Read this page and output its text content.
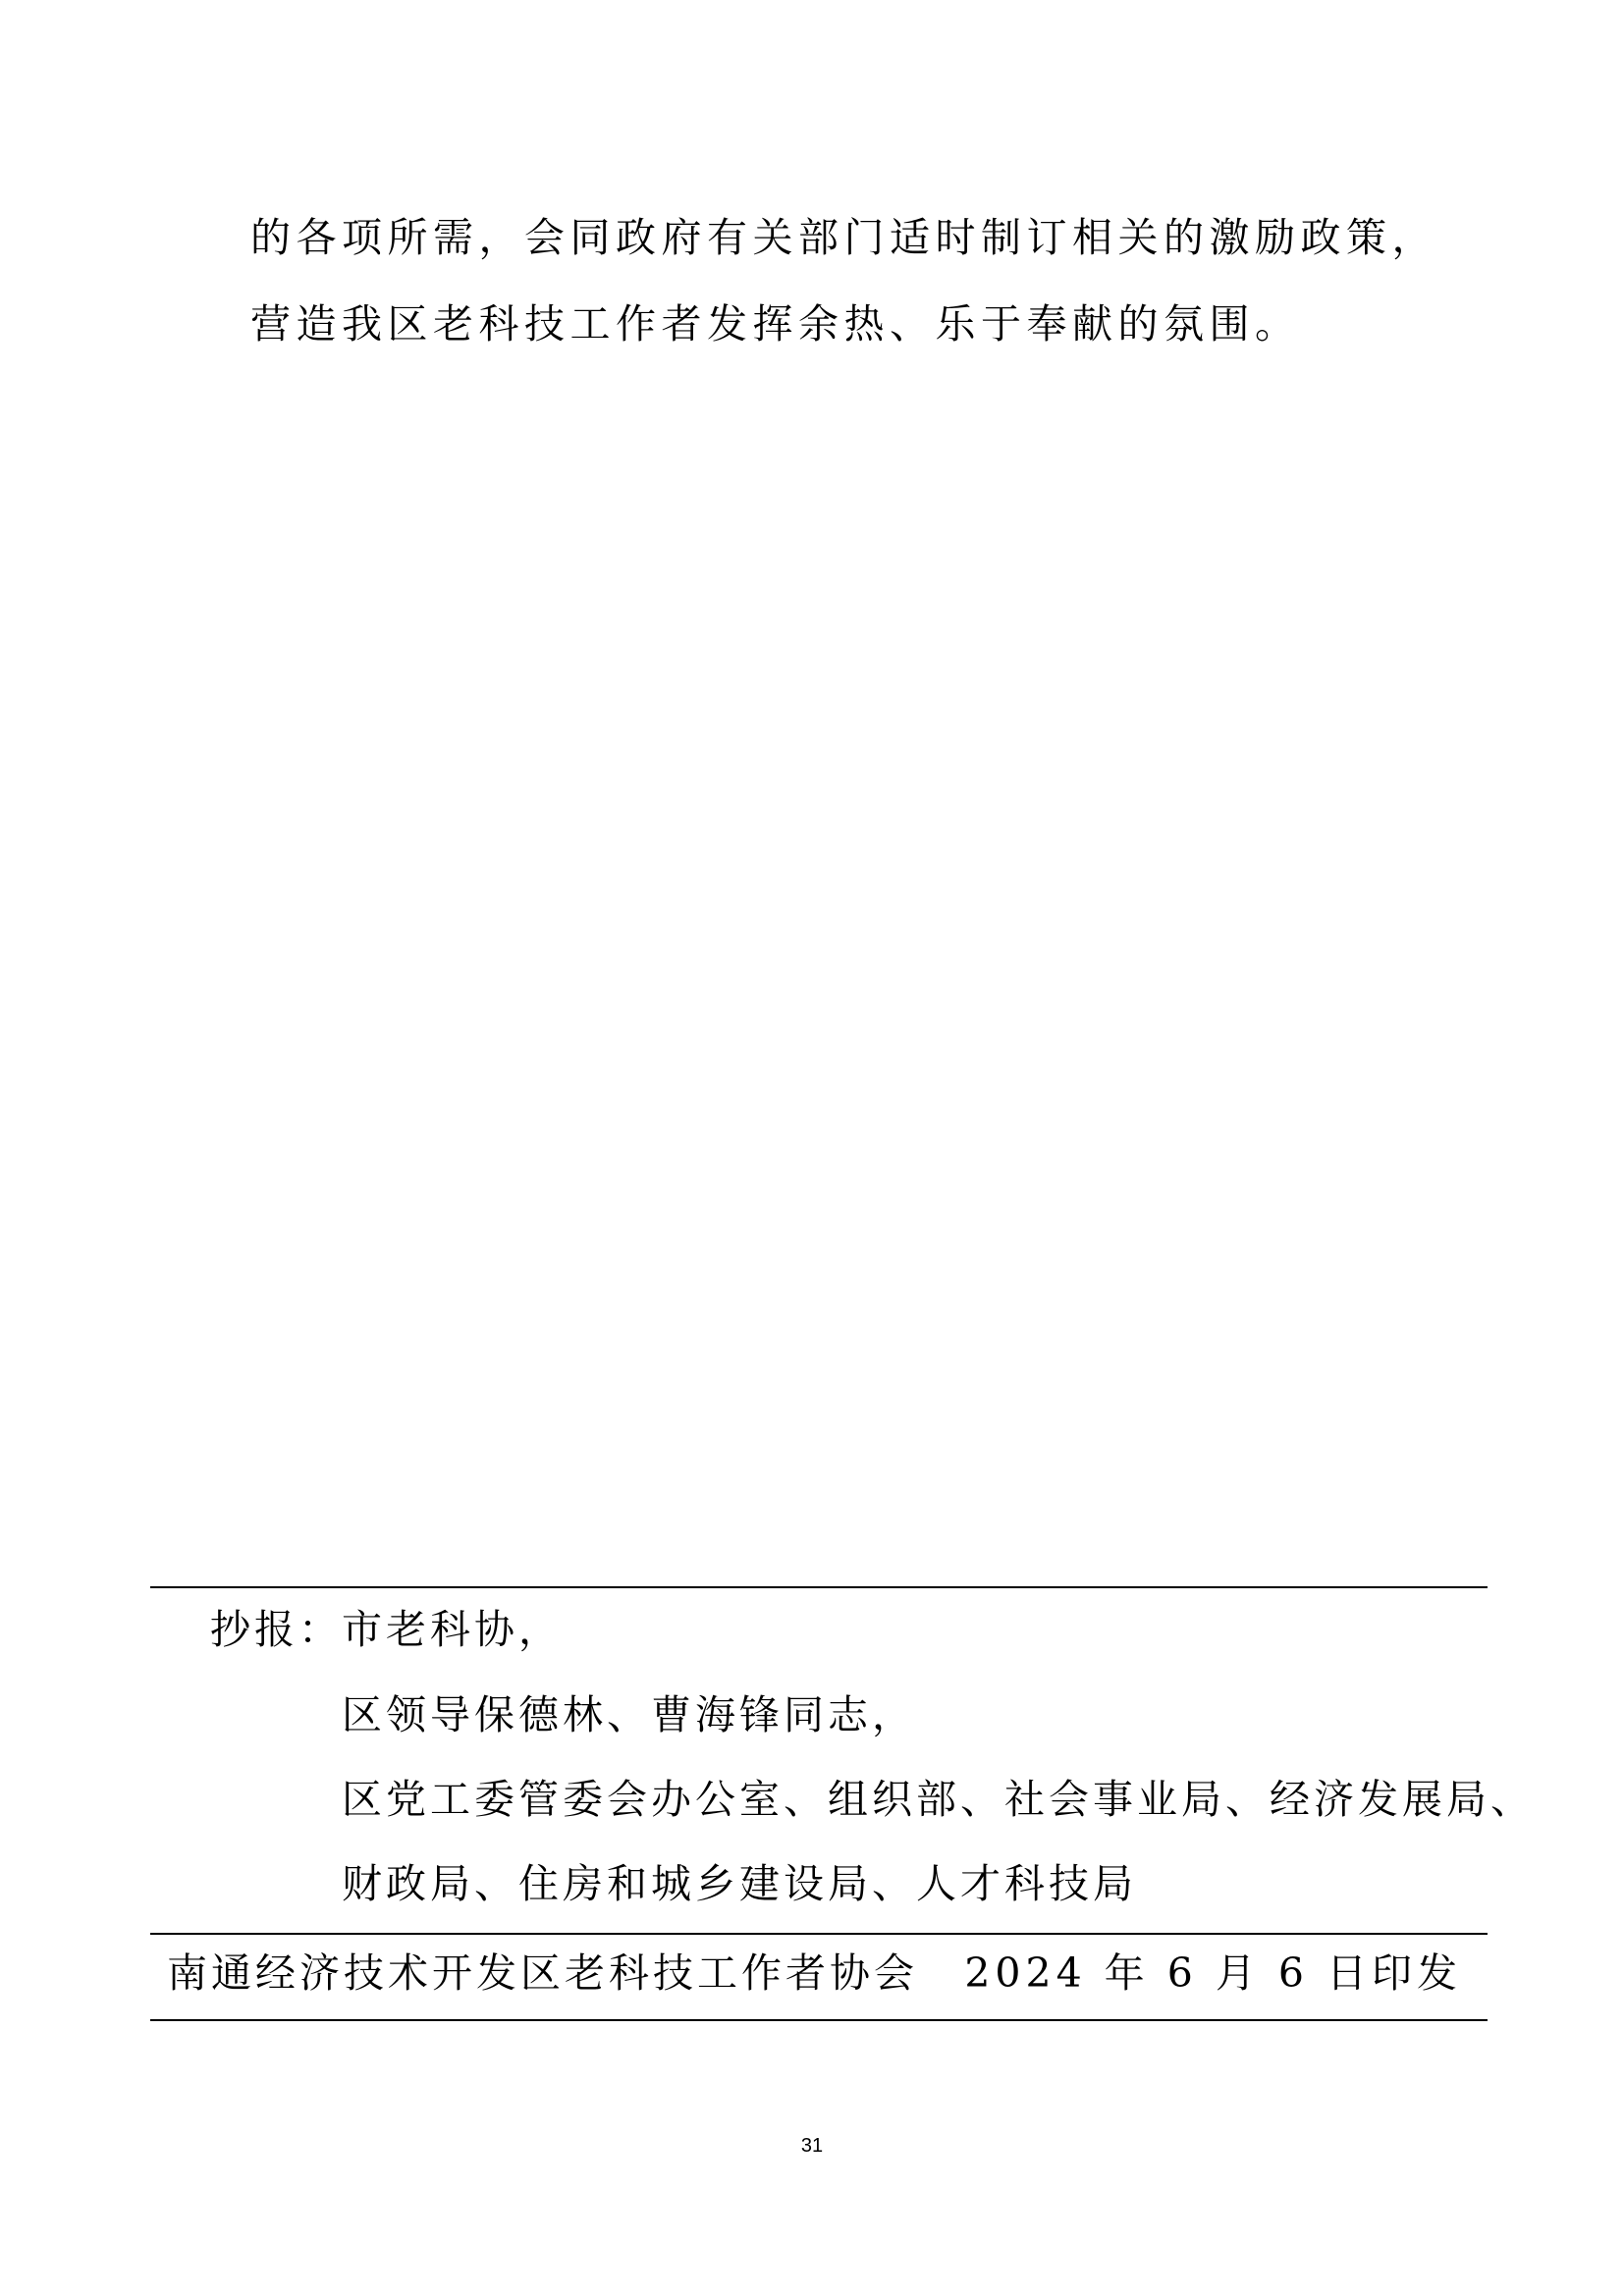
的各项所需，会同政府有关部门适时制订相关的激励政策，
营造我区老科技工作者发挥余热、乐于奉献的氛围。
抄报： 市老科协，
区领导保德林、曹海锋同志，
区党工委管委会办公室、组织部、社会事业局、经济发展局、
财政局、住房和城乡建设局、人才科技局
南通经济技术开发区老科技工作者协会 2024 年 6 月 6 日印发
31
